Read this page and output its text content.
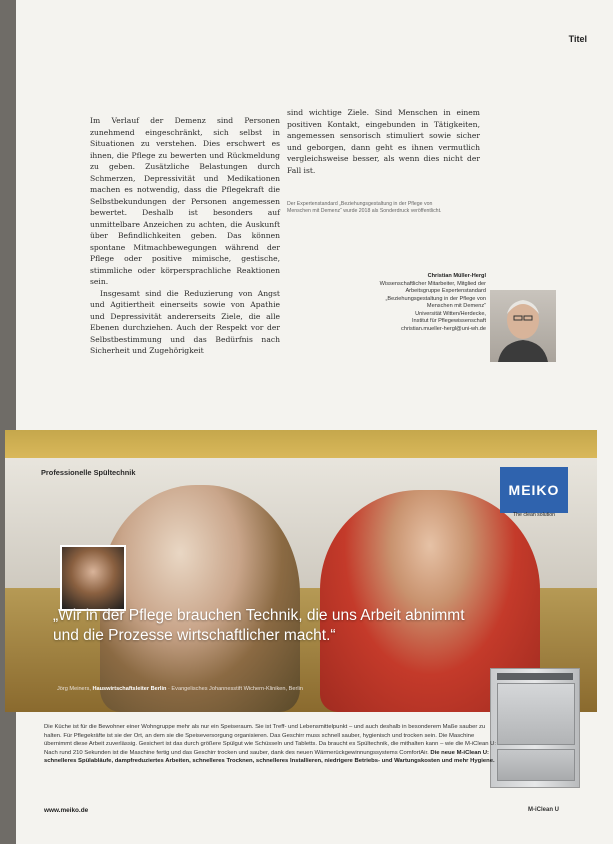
Titel

Im Verlauf der Demenz sind Personen zunehmend eingeschränkt, sich selbst in Situationen zu verstehen. Dies erschwert es ihnen, die Pflege zu bewerten und Rückmeldung zu geben. Zusätzliche Belastungen durch Schmerzen, Depressivität und Medikationen machen es notwendig, dass die Pflegekraft die Selbstbekundungen der Personen angemessen bewertet. Deshalb ist besonders auf unmittelbare Anzeichen zu achten, die Auskunft über Befindlichkeiten geben. Das können spontane Mitmachbewegungen während der Pflege oder positive mimische, gestische, stimmliche oder körpersprachliche Reaktionen sein.

Insgesamt sind die Reduzierung von Angst und Agitiertheit einerseits sowie von Apathie und Depressivität andererseits Ziele, die alle Ebenen durchziehen. Auch der Respekt vor der Selbstbestimmung und das Bedürfnis nach Sicherheit und Zugehörigkeit

sind wichtige Ziele. Sind Menschen in einem positiven Kontakt, eingebunden in Tätigkeiten, angemessen sensorisch stimuliert sowie sicher und geborgen, dann geht es ihnen vermutlich vergleichsweise besser, als wenn dies nicht der Fall ist.

Der Expertenstandard „Beziehungsgestaltung in der Pflege von Menschen mit Demenz“ wurde 2018 als Sonderdruck veröffentlicht.
Christian Müller-Hergl
Wissenschaftlicher Mitarbeiter, Mitglied der
Arbeitsgruppe Expertenstandard
„Beziehungsgestaltung in der Pflege von
Menschen mit Demenz“
Universität Witten/Herdecke,
Institut für Pflegewissenschaft
christian.mueller-hergl@uni-wh.de
Professionelle Spültechnik
MEIKO
The clean solution
„Wir in der Pflege brauchen Technik, die uns Arbeit abnimmt und die Prozesse wirtschaftlicher macht.“
Jörg Meiners, Hauswirtschaftsleiter Berlin · Evangelisches Johannesstift Wichern-Kliniken, Berlin
Die Küche ist für die Bewohner einer Wohngruppe mehr als nur ein Speiseraum. Sie ist Treff- und Lebensmittelpunkt – und auch deshalb in besonderem Maße sauber zu halten. Für Pflegekräfte ist sie der Ort, an dem sie die Speiseversorgung organisieren. Das Geschirr muss schnell sauber, hygienisch und trocken sein. Die Maschine übernimmt diese Arbeit zuverlässig. Gesichert ist das durch größere Spülgut wie Schüsseln und Tabletts. Da braucht es Spültechnik, die mithalten kann – wie die M-iClean U: Nach rund 210 Sekunden ist die Maschine fertig und das Geschirr trocken und sauber, dank des neuen Wärmerückgewinnungssystems ComfortAir. Die neue M-iClean U: schnelleres Spülabläufe, dampfreduziertes Arbeiten, schnelleres Trocknen, schnelleres Installieren, niedrigere Betriebs- und Wartungskosten und mehr Hygiene.
www.meiko.de	M-iClean U
